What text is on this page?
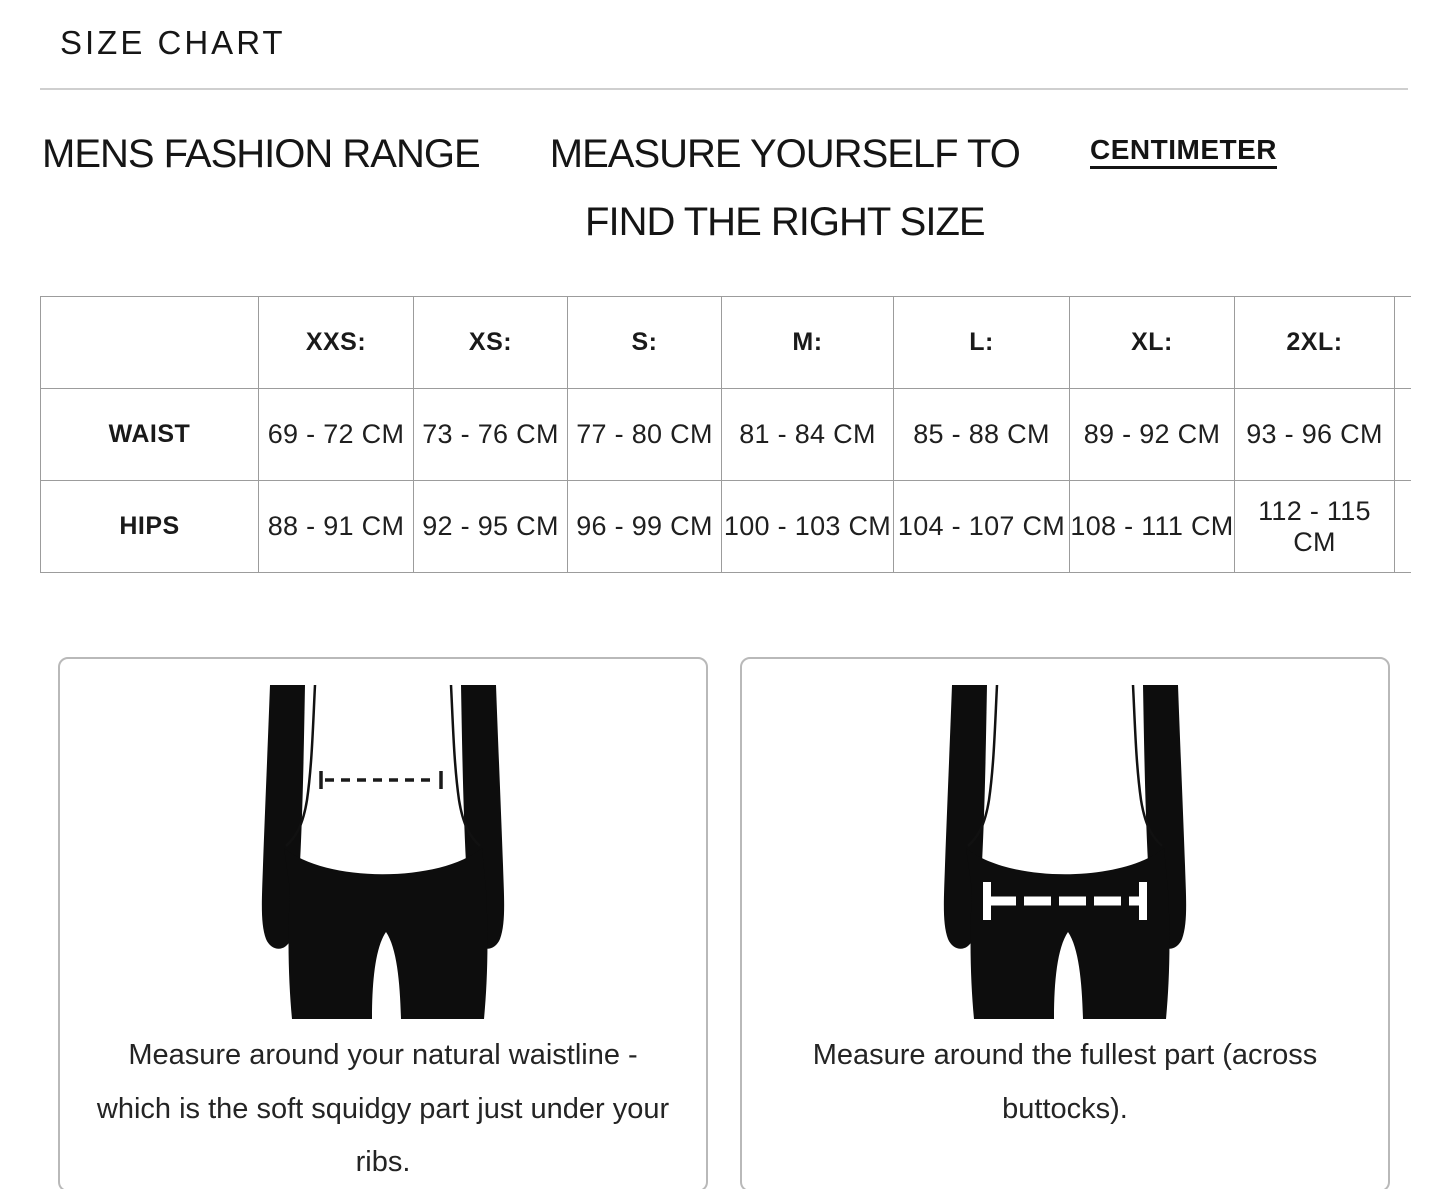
SIZE CHART
MENS FASHION RANGE	MEASURE YOURSELF TO FIND THE RIGHT SIZE
CENTIMETER
	XXS:	XS:	S:	M:	L:	XL:	2XL:	
WAIST	69 - 72 CM	73 - 76 CM	77 - 80 CM	81 - 84 CM	85 - 88 CM	89 - 92 CM	93 - 96 CM	
HIPS	88 - 91 CM	92 - 95 CM	96 - 99 CM	100 - 103 CM	104 - 107 CM	108 - 111 CM	112 - 115 CM	
Measure around your natural waistline - which is the soft squidgy part just under your ribs.
Measure around the fullest part (across buttocks).
